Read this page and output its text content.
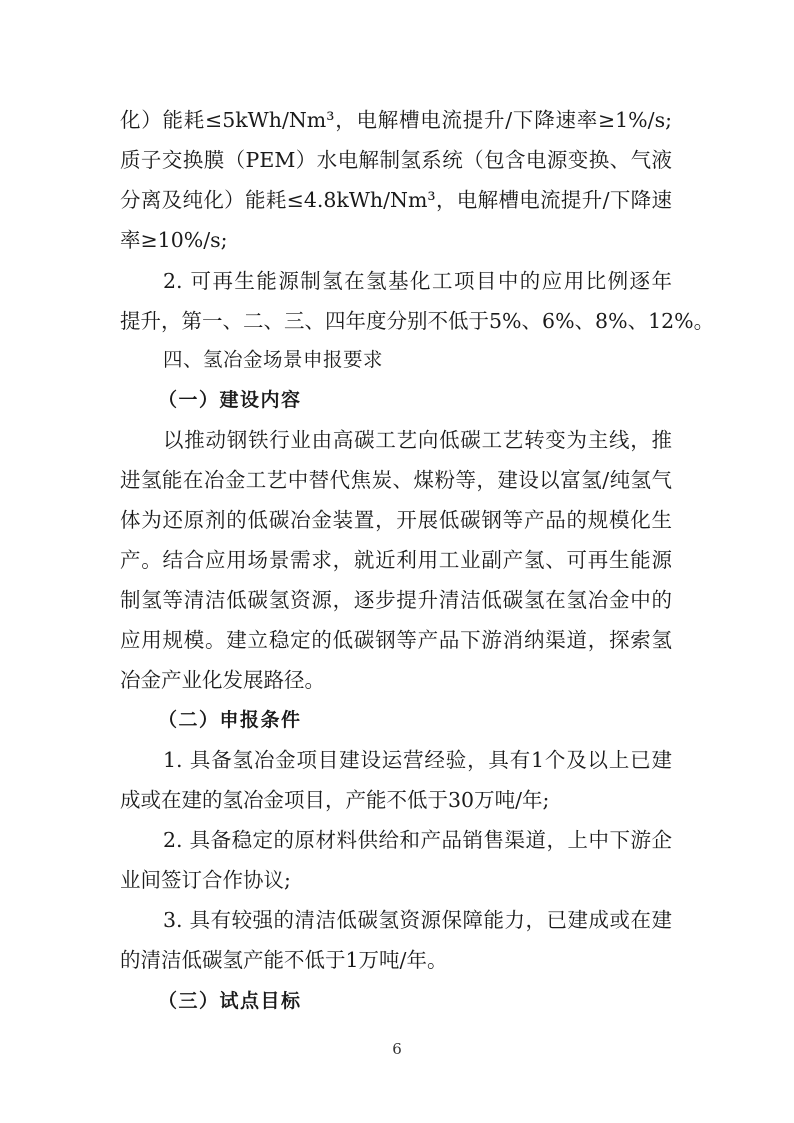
化）能耗≤5kWh/Nm³，电解槽电流提升/下降速率≥1%/s;
质子交换膜（PEM）水电解制氢系统（包含电源变换、气液
分离及纯化）能耗≤4.8kWh/Nm³，电解槽电流提升/下降速
率≥10%/s;
2. 可再生能源制氢在氢基化工项目中的应用比例逐年
提升，第一、二、三、四年度分别不低于5%、6%、8%、12%。
四、氢冶金场景申报要求
（一）建设内容
以推动钢铁行业由高碳工艺向低碳工艺转变为主线，推
进氢能在冶金工艺中替代焦炭、煤粉等，建设以富氢/纯氢气
体为还原剂的低碳冶金装置，开展低碳钢等产品的规模化生
产。结合应用场景需求，就近利用工业副产氢、可再生能源
制氢等清洁低碳氢资源，逐步提升清洁低碳氢在氢冶金中的
应用规模。建立稳定的低碳钢等产品下游消纳渠道，探索氢
冶金产业化发展路径。
（二）申报条件
1. 具备氢冶金项目建设运营经验，具有1个及以上已建
成或在建的氢冶金项目，产能不低于30万吨/年;
2. 具备稳定的原材料供给和产品销售渠道，上中下游企
业间签订合作协议;
3. 具有较强的清洁低碳氢资源保障能力，已建成或在建
的清洁低碳氢产能不低于1万吨/年。
（三）试点目标
6
